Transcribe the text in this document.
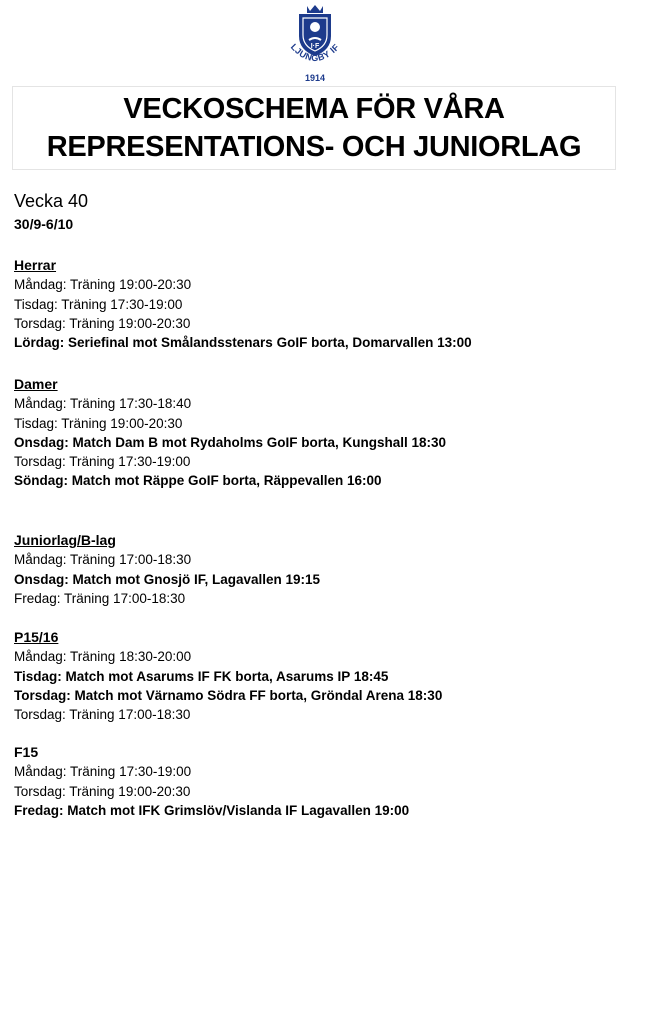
I·F
LJUNGBY IF
1914
VECKOSCHEMA FÖR VÅRA
REPRESENTATIONS- OCH JUNIORLAG
Vecka 40
30/9-6/10
Herrar
Måndag: Träning 19:00-20:30
Tisdag: Träning 17:30-19:00
Torsdag: Träning 19:00-20:30
Lördag: Seriefinal mot Smålandsstenars GoIF borta, Domarvallen 13:00
Damer
Måndag: Träning 17:30-18:40
Tisdag: Träning 19:00-20:30
Onsdag: Match Dam B mot Rydaholms GoIF borta, Kungshall 18:30
Torsdag: Träning 17:30-19:00
Söndag: Match mot Räppe GoIF borta, Räppevallen 16:00
Juniorlag/B-lag
Måndag: Träning 17:00-18:30
Onsdag: Match mot Gnosjö IF, Lagavallen 19:15
Fredag: Träning 17:00-18:30
P15/16
Måndag: Träning 18:30-20:00
Tisdag: Match mot Asarums IF FK borta, Asarums IP 18:45
Torsdag: Match mot Värnamo Södra FF borta, Gröndal Arena 18:30
Torsdag: Träning 17:00-18:30
F15
Måndag: Träning 17:30-19:00
Torsdag: Träning 19:00-20:30
Fredag: Match mot IFK Grimslöv/Vislanda IF Lagavallen 19:00
